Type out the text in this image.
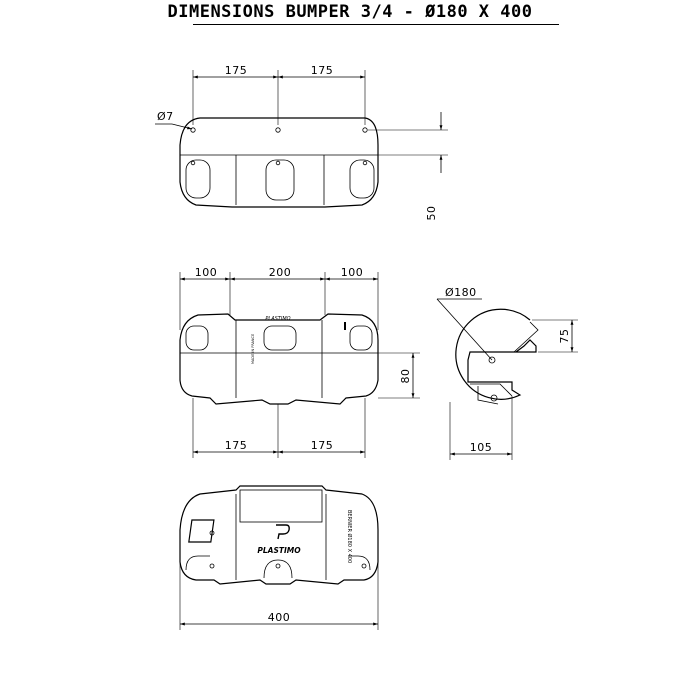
DIMENSIONS BUMPER 3/4 - Ø180 X 400
175	175
Ø7
50
PLASTIMO
MADE IN FRANCE
100	200	100
175	175
80
Ø180
75
105
PLASTIMO	BERNIER Ø180 X 400
400
